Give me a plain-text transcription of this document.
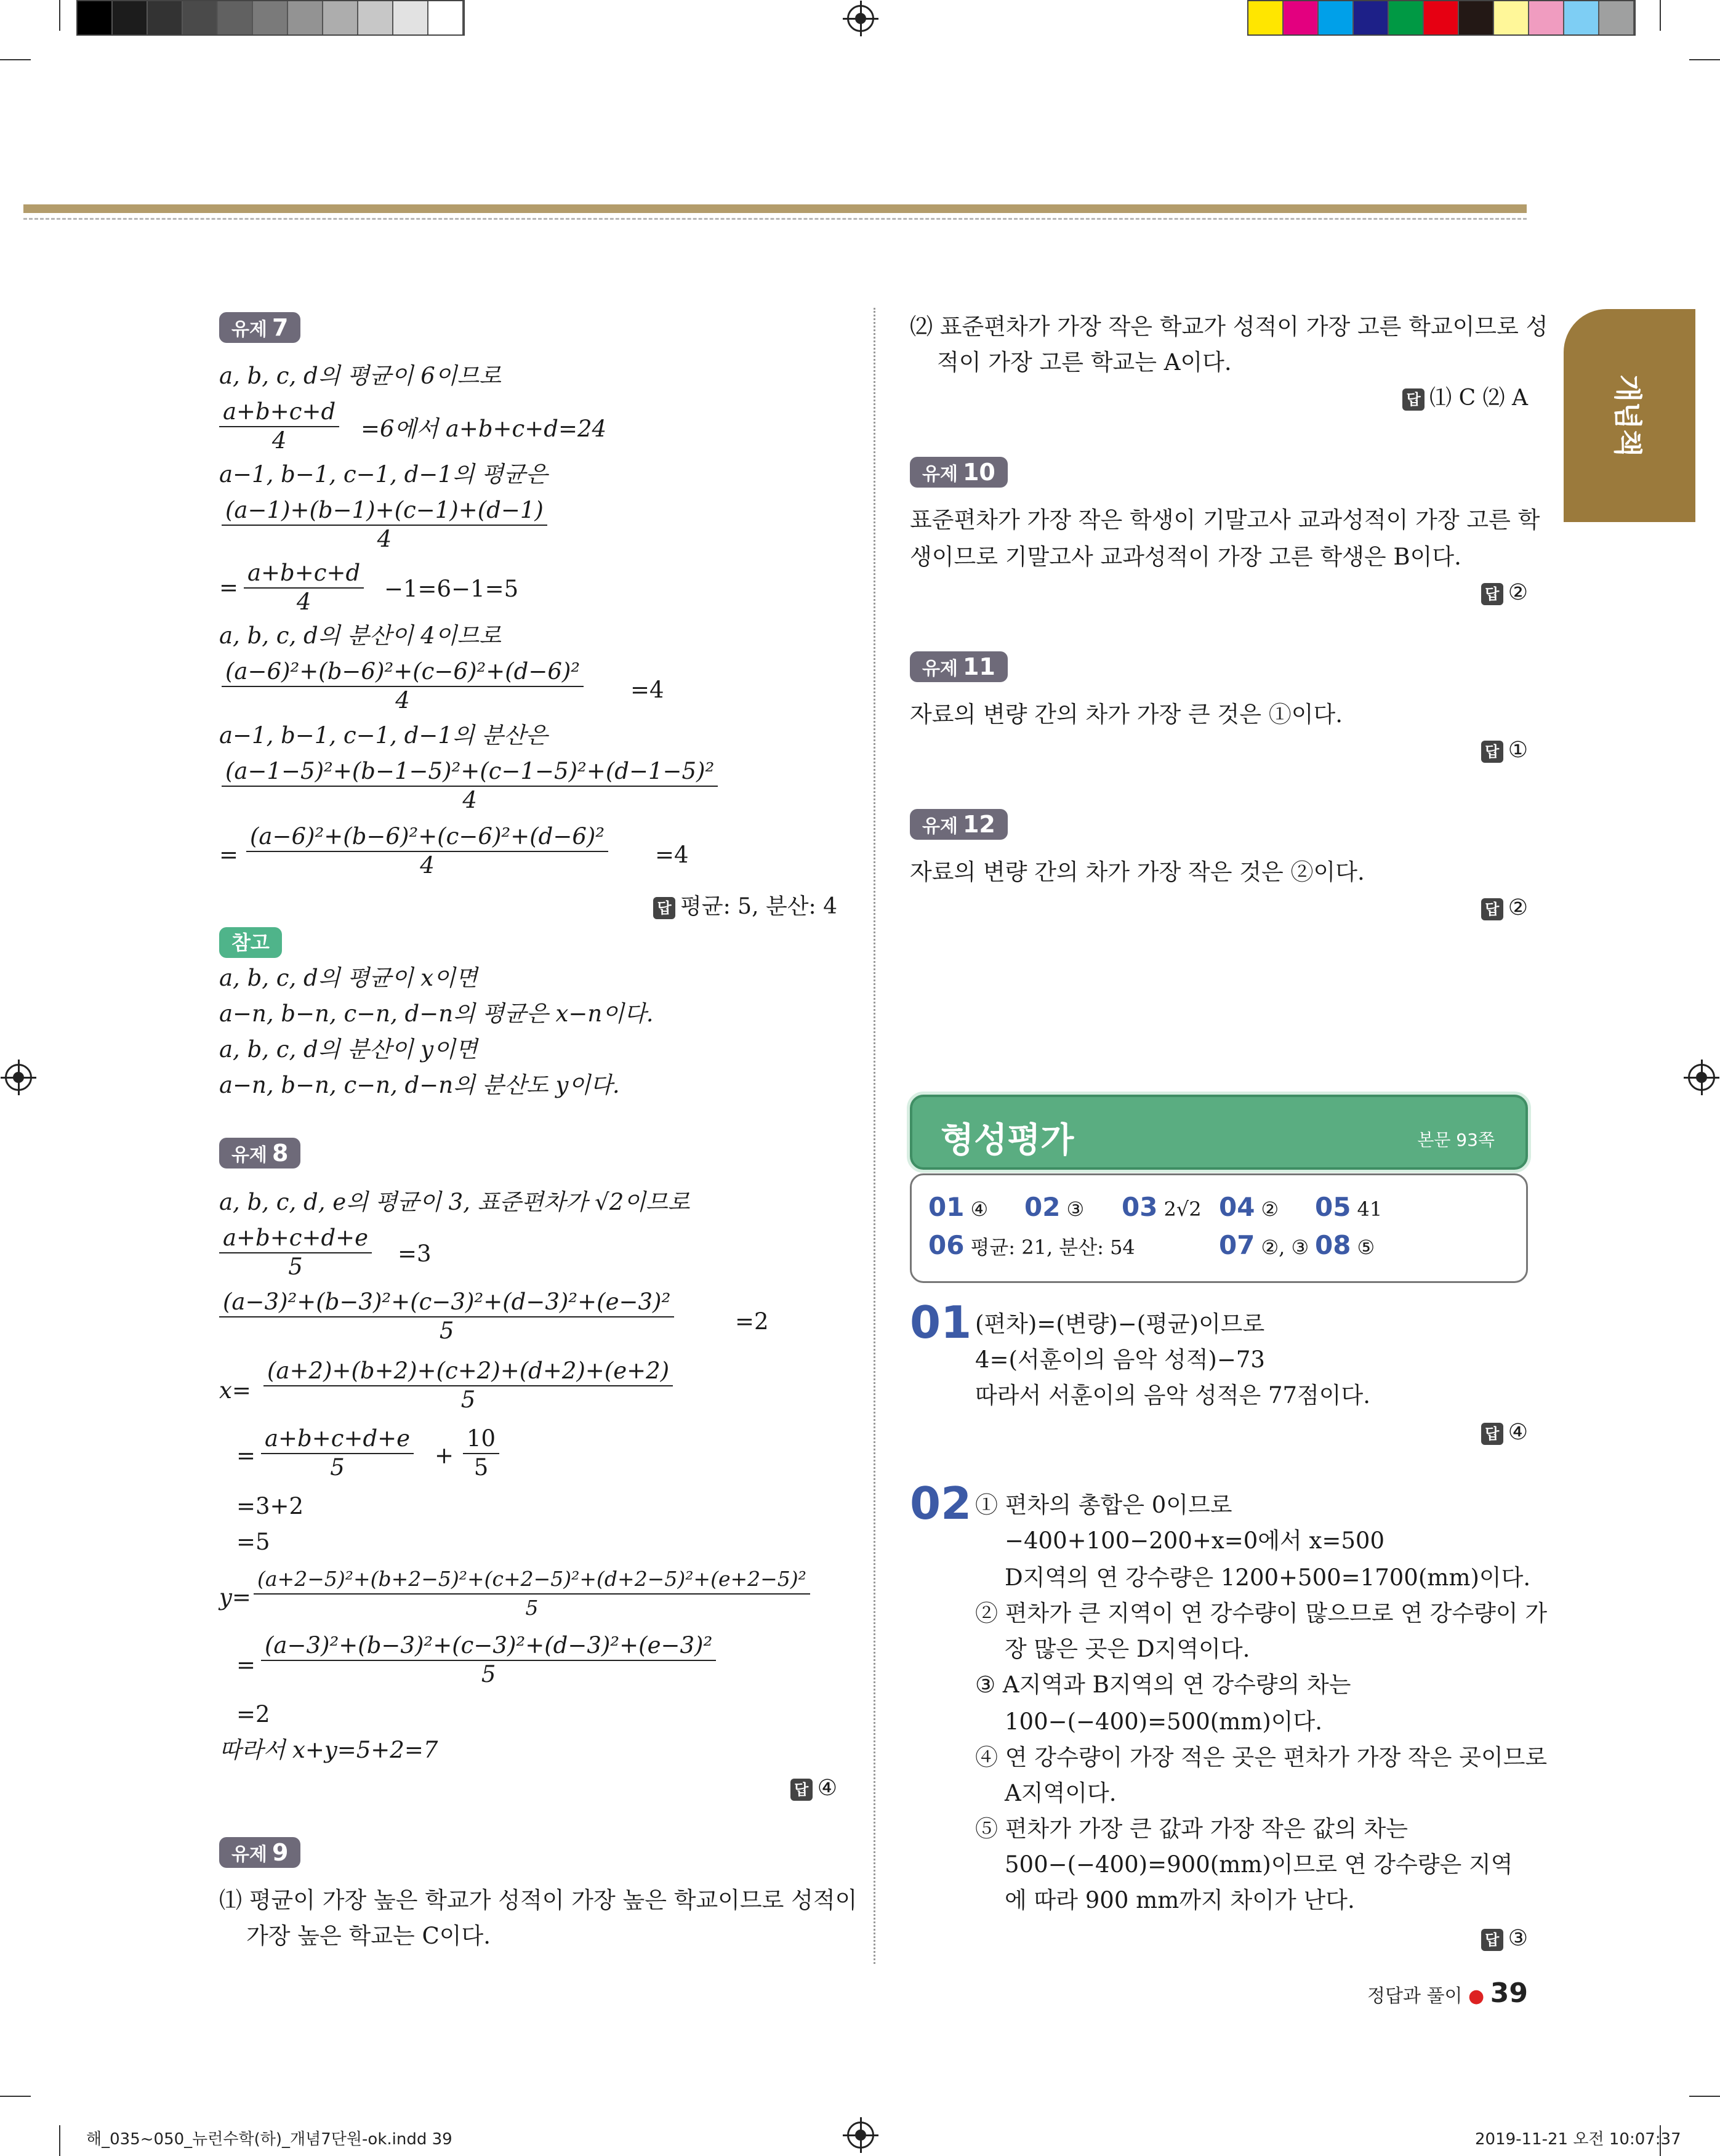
개념책
유제 7
a, b, c, d의 평균이 6이므로
$\frac{a+b+c+d}{4} =6$에서 a+b+c+d=24
a−1, b−1, c−1, d−1의 평균은
$\frac{(a-1)+(b-1)+(c-1)+(d-1)}{4}$
= $\frac{a+b+c+d}{4} -1=6-1=5$
a, b, c, d의 분산이 4이므로
$\frac{\text{(a−6)²+(b−6)²+(c−6)²+(d−6)²}}{4} =4$
a−1, b−1, c−1, d−1의 분산은
$\frac{\text{(a−1−5)²+(b−1−5)²+(c−1−5)²+(d−1−5)²}}{4}$
= $\frac{\text{(a−6)²+(b−6)²+(c−6)²+(d−6)²}}{4} =4$
답 평균: 5, 분산: 4
참고
a, b, c, d의 평균이 x이면
a−n, b−n, c−n, d−n의 평균은 x−n이다.
a, b, c, d의 분산이 y이면
a−n, b−n, c−n, d−n의 분산도 y이다.
유제 8
a, b, c, d, e의 평균이 3, 표준편차가 √2이므로
$\frac{a+b+c+d+e}{5} =3$
$\frac{\text{(a−3)²+(b−3)²+(c−3)²+(d−3)²+(e−3)²}}{5}$	=2
$x= \frac{(a+2)+(b+2)+(c+2)+(d+2)+(e+2)}{5}$
= $\frac{a+b+c+d+e}{5} + \frac{10}{5}$
=3+2
=5
$y= \frac{\text{(a+2−5)²+(b+2−5)²+(c+2−5)²+(d+2−5)²+(e+2−5)²}}{5}$
= $\frac{\text{(a−3)²+(b−3)²+(c−3)²+(d−3)²+(e−3)²}}{5}$
=2
따라서 x+y=5+2=7
답 ④
유제 9
⑴ 평균이 가장 높은 학교가 성적이 가장 높은 학교이므로 성적이
가장 높은 학교는 C이다.
⑵ 표준편차가 가장 작은 학교가 성적이 가장 고른 학교이므로 성
적이 가장 고른 학교는 A이다.
답 ⑴ C ⑵ A
유제 10
표준편차가 가장 작은 학생이 기말고사 교과성적이 가장 고른 학
생이므로 기말고사 교과성적이 가장 고른 학생은 B이다.
답 ②
유제 11
자료의 변량 간의 차가 가장 큰 것은 ①이다.
답 ①
유제 12
자료의 변량 간의 차가 가장 작은 것은 ②이다.
답 ②
형성평가	본문 93쪽
01 ④ 02 ③ 03 2√2 04 ② 05 41
06 평균: 21, 분산: 54	07 ②, ③ 08 ⑤
01 (편차)=(변량)−(평균)이므로
4=(서훈이의 음악 성적)−73
따라서 서훈이의 음악 성적은 77점이다.
답 ④
02 ① 편차의 총합은 0이므로
−400+100−200+x=0에서 x=500
D지역의 연 강수량은 1200+500=1700(mm)이다.
② 편차가 큰 지역이 연 강수량이 많으므로 연 강수량이 가
장 많은 곳은 D지역이다.
③ A지역과 B지역의 연 강수량의 차는
100−(−400)=500(mm)이다.
④ 연 강수량이 가장 적은 곳은 편차가 가장 작은 곳이므로
A지역이다.
⑤ 편차가 가장 큰 값과 가장 작은 값의 차는
500−(−400)=900(mm)이므로 연 강수량은 지역
에 따라 900 mm까지 차이가 난다.
답 ③
정답과 풀이 ● 39
해_035~050_뉴런수학(하)_개념7단원-ok.indd 39	2019-11-21 오전 10:07:37
